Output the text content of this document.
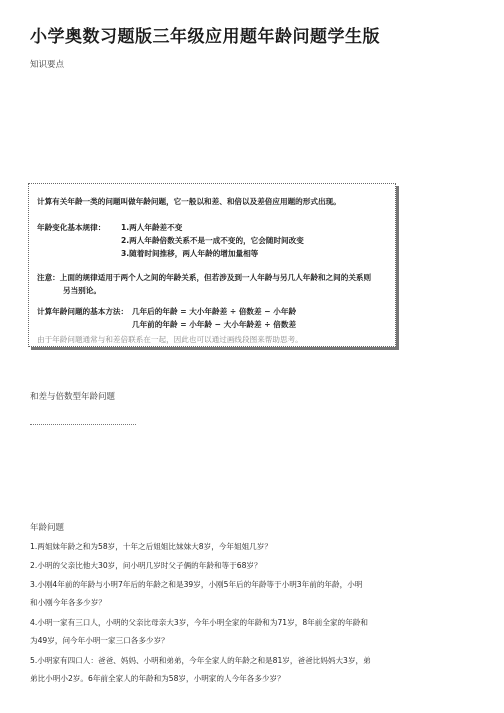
小学奥数习题版三年级应用题年龄问题学生版
知识要点
计算有关年龄一类的问题叫做年龄问题，它一般以和差、和倍以及差倍应用题的形式出现。
年龄变化基本规律： 1.两人年龄差不变
2.两人年龄倍数关系不是一成不变的，它会随时间改变
3.随着时间推移，两人年龄的增加量相等
注意：上面的规律适用于两个人之间的年龄关系，但若涉及到一人年龄与另几人年龄和之间的关系则
另当别论。
计算年龄问题的基本方法： 几年后的年龄 = 大小年龄差 ÷ 倍数差 − 小年龄
几年前的年龄 = 小年龄 − 大小年龄差 ÷ 倍数差
由于年龄问题通常与和差倍联系在一起，因此也可以通过画线段图来帮助思考。
和差与倍数型年龄问题
年龄问题
1.两姐妹年龄之和为58岁，十年之后姐姐比妹妹大8岁，今年姐姐几岁？
2.小明的父亲比他大30岁，问小明几岁时父子俩的年龄和等于68岁？
3.小刚4年前的年龄与小明7年后的年龄之和是39岁，小刚5年后的年龄等于小明3年前的年龄，小明
和小刚今年各多少岁？
4.小明一家有三口人，小明的父亲比母亲大3岁，今年小明全家的年龄和为71岁，8年前全家的年龄和
为49岁，问今年小明一家三口各多少岁？
5.小明家有四口人：爸爸、妈妈、小明和弟弟，今年全家人的年龄之和是81岁，爸爸比妈妈大3岁，弟
弟比小明小2岁。6年前全家人的年龄和为58岁，小明家的人今年各多少岁？
